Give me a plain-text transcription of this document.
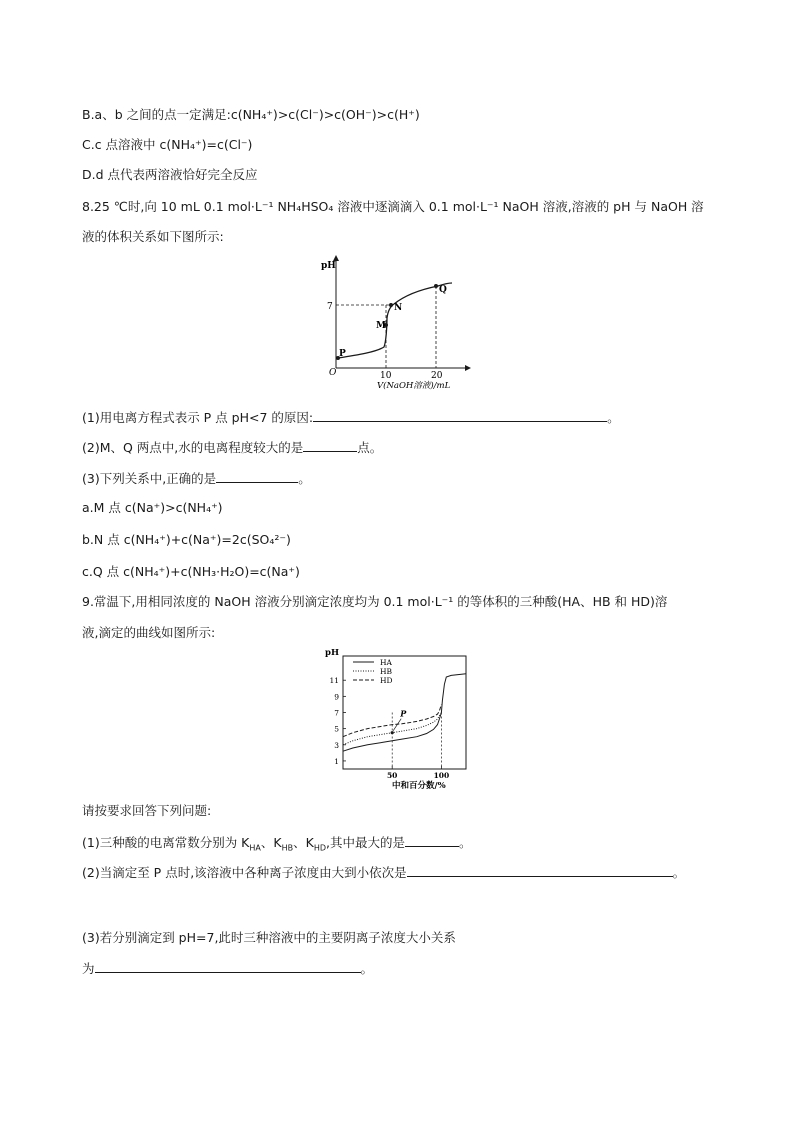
B.a、b 之间的点一定满足:c(NH₄⁺)>c(Cl⁻)>c(OH⁻)>c(H⁺)
C.c 点溶液中 c(NH₄⁺)=c(Cl⁻)
D.d 点代表两溶液恰好完全反应
8.25 ℃时,向 10 mL 0.1 mol·L⁻¹ NH₄HSO₄ 溶液中逐滴滴入 0.1 mol·L⁻¹ NaOH 溶液,溶液的 pH 与 NaOH 溶
液的体积关系如下图所示:
pH
7
O	10	20
V(NaOH溶液)/mL
P
M
N
Q
(1)用电离方程式表示 P 点 pH<7 的原因:	。
(2)M、Q 两点中,水的电离程度较大的是	点。
(3)下列关系中,正确的是	。
a.M 点 c(Na⁺)>c(NH₄⁺)
b.N 点 c(NH₄⁺)+c(Na⁺)=2c(SO₄²⁻)
c.Q 点 c(NH₄⁺)+c(NH₃·H₂O)=c(Na⁺)
9.常温下,用相同浓度的 NaOH 溶液分别滴定浓度均为 0.1 mol·L⁻¹ 的等体积的三种酸(HA、HB 和 HD)溶
液,滴定的曲线如图所示:
1
3
5
7
9
11
50	100
P
HA
HB
HD
pH
中和百分数/%
请按要求回答下列问题:
(1)三种酸的电离常数分别为 $K_{HA}$、$K_{HB}$、$K_{HD}$,其中最大的是	。
(2)当滴定至 P 点时,该溶液中各种离子浓度由大到小依次是	。
(3)若分别滴定到 pH=7,此时三种溶液中的主要阴离子浓度大小关系
为	。
